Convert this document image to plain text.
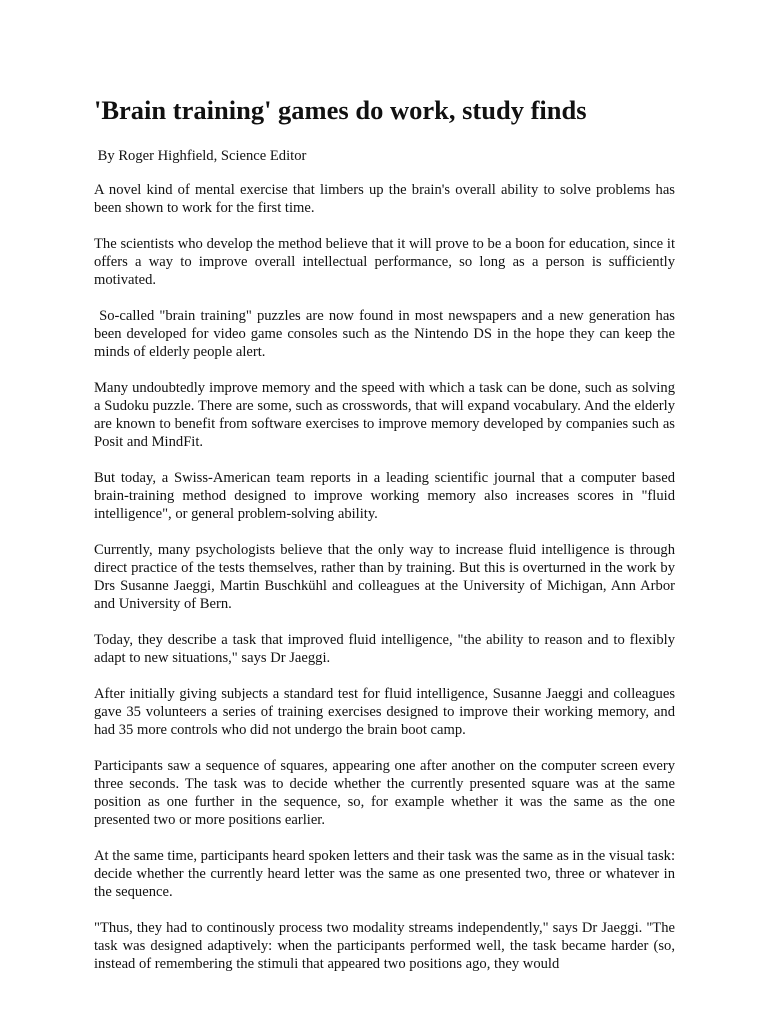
'Brain training' games do work, study finds

By Roger Highfield, Science Editor

A novel kind of mental exercise that limbers up the brain's overall ability to solve problems has been shown to work for the first time.

The scientists who develop the method believe that it will prove to be a boon for education, since it offers a way to improve overall intellectual performance, so long as a person is sufficiently motivated.

So-called "brain training" puzzles are now found in most newspapers and a new generation has been developed for video game consoles such as the Nintendo DS in the hope they can keep the minds of elderly people alert.

Many undoubtedly improve memory and the speed with which a task can be done, such as solving a Sudoku puzzle. There are some, such as crosswords, that will expand vocabulary. And the elderly are known to benefit from software exercises to improve memory developed by companies such as Posit and MindFit.

But today, a Swiss-American team reports in a leading scientific journal that a computer based brain-training method designed to improve working memory also increases scores in "fluid intelligence", or general problem-solving ability.

Currently, many psychologists believe that the only way to increase fluid intelligence is through direct practice of the tests themselves, rather than by training. But this is overturned in the work by Drs Susanne Jaeggi, Martin Buschkühl and colleagues at the University of Michigan, Ann Arbor and University of Bern.

Today, they describe a task that improved fluid intelligence, "the ability to reason and to flexibly adapt to new situations," says Dr Jaeggi.

After initially giving subjects a standard test for fluid intelligence, Susanne Jaeggi and colleagues gave 35 volunteers a series of training exercises designed to improve their working memory, and had 35 more controls who did not undergo the brain boot camp.

Participants saw a sequence of squares, appearing one after another on the computer screen every three seconds. The task was to decide whether the currently presented square was at the same position as one further in the sequence, so, for example whether it was the same as the one presented two or more positions earlier.

At the same time, participants heard spoken letters and their task was the same as in the visual task: decide whether the currently heard letter was the same as one presented two, three or whatever in the sequence.

"Thus, they had to continously process two modality streams independently," says Dr Jaeggi. "The task was designed adaptively: when the participants performed well, the task became harder (so, instead of remembering the stimuli that appeared two positions ago, they would
